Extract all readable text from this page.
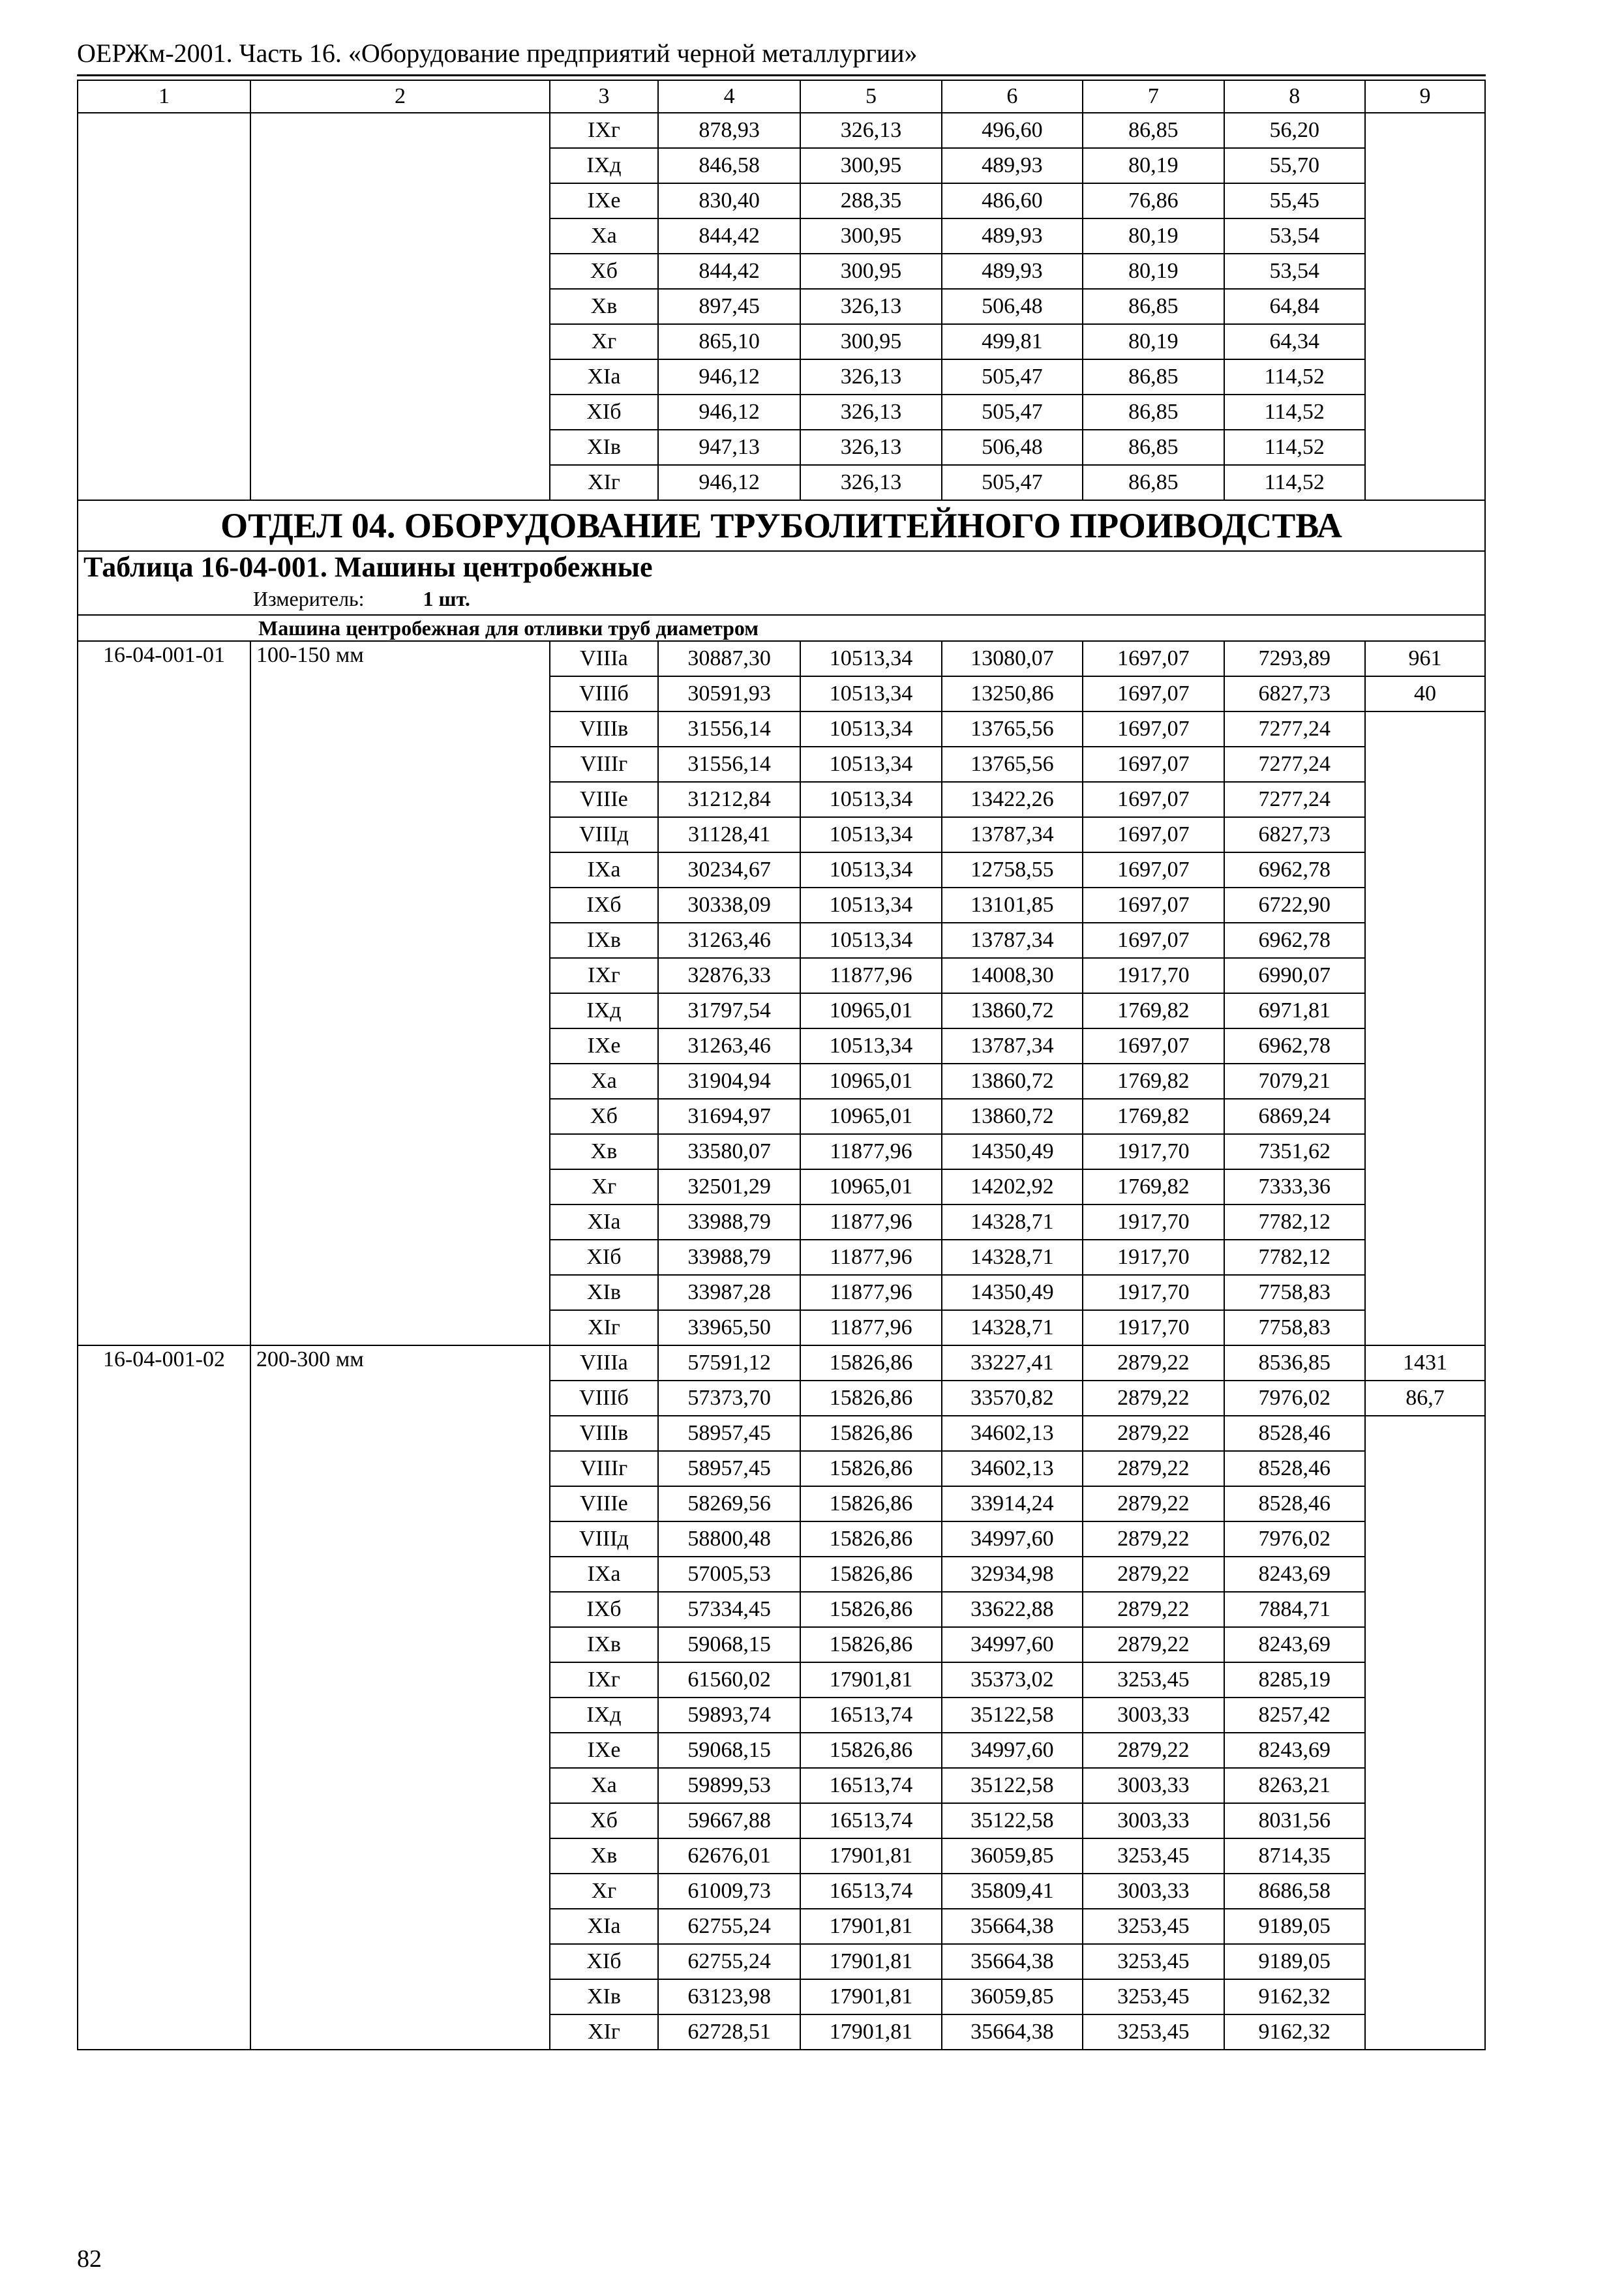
ОЕРЖм-2001. Часть 16. «Оборудование предприятий черной металлургии»
1	2	3	4	5	6	7	8	9
		IXг	878,93	326,13	496,60	86,85	56,20	
		IXд	846,58	300,95	489,93	80,19	55,70	
		IXе	830,40	288,35	486,60	76,86	55,45	
		Xа	844,42	300,95	489,93	80,19	53,54	
		Xб	844,42	300,95	489,93	80,19	53,54	
		Xв	897,45	326,13	506,48	86,85	64,84	
		Xг	865,10	300,95	499,81	80,19	64,34	
		XIа	946,12	326,13	505,47	86,85	114,52	
		XIб	946,12	326,13	505,47	86,85	114,52	
		XIв	947,13	326,13	506,48	86,85	114,52	
		XIг	946,12	326,13	505,47	86,85	114,52	
ОТДЕЛ 04. ОБОРУДОВАНИЕ ТРУБОЛИТЕЙНОГО ПРОИВОДСТВА								
Таблица 16-04-001. Машины центробежные								
Измеритель: 1 шт.								
Машина центробежная для отливки труб диаметром								
16-04-001-01	100-150 мм	VIIIа	30887,30	10513,34	13080,07	1697,07	7293,89	961
		VIIIб	30591,93	10513,34	13250,86	1697,07	6827,73	40
		VIIIв	31556,14	10513,34	13765,56	1697,07	7277,24	
		VIIIг	31556,14	10513,34	13765,56	1697,07	7277,24	
		VIIIе	31212,84	10513,34	13422,26	1697,07	7277,24	
		VIIIд	31128,41	10513,34	13787,34	1697,07	6827,73	
		IXа	30234,67	10513,34	12758,55	1697,07	6962,78	
		IXб	30338,09	10513,34	13101,85	1697,07	6722,90	
		IXв	31263,46	10513,34	13787,34	1697,07	6962,78	
		IXг	32876,33	11877,96	14008,30	1917,70	6990,07	
		IXд	31797,54	10965,01	13860,72	1769,82	6971,81	
		IXе	31263,46	10513,34	13787,34	1697,07	6962,78	
		Xа	31904,94	10965,01	13860,72	1769,82	7079,21	
		Xб	31694,97	10965,01	13860,72	1769,82	6869,24	
		Xв	33580,07	11877,96	14350,49	1917,70	7351,62	
		Xг	32501,29	10965,01	14202,92	1769,82	7333,36	
		XIа	33988,79	11877,96	14328,71	1917,70	7782,12	
		XIб	33988,79	11877,96	14328,71	1917,70	7782,12	
		XIв	33987,28	11877,96	14350,49	1917,70	7758,83	
		XIг	33965,50	11877,96	14328,71	1917,70	7758,83	
16-04-001-02	200-300 мм	VIIIа	57591,12	15826,86	33227,41	2879,22	8536,85	1431
		VIIIб	57373,70	15826,86	33570,82	2879,22	7976,02	86,7
		VIIIв	58957,45	15826,86	34602,13	2879,22	8528,46	
		VIIIг	58957,45	15826,86	34602,13	2879,22	8528,46	
		VIIIе	58269,56	15826,86	33914,24	2879,22	8528,46	
		VIIIд	58800,48	15826,86	34997,60	2879,22	7976,02	
		IXа	57005,53	15826,86	32934,98	2879,22	8243,69	
		IXб	57334,45	15826,86	33622,88	2879,22	7884,71	
		IXв	59068,15	15826,86	34997,60	2879,22	8243,69	
		IXг	61560,02	17901,81	35373,02	3253,45	8285,19	
		IXд	59893,74	16513,74	35122,58	3003,33	8257,42	
		IXе	59068,15	15826,86	34997,60	2879,22	8243,69	
		Xа	59899,53	16513,74	35122,58	3003,33	8263,21	
		Xб	59667,88	16513,74	35122,58	3003,33	8031,56	
		Xв	62676,01	17901,81	36059,85	3253,45	8714,35	
		Xг	61009,73	16513,74	35809,41	3003,33	8686,58	
		XIа	62755,24	17901,81	35664,38	3253,45	9189,05	
		XIб	62755,24	17901,81	35664,38	3253,45	9189,05	
		XIв	63123,98	17901,81	36059,85	3253,45	9162,32	
		XIг	62728,51	17901,81	35664,38	3253,45	9162,32	
82
